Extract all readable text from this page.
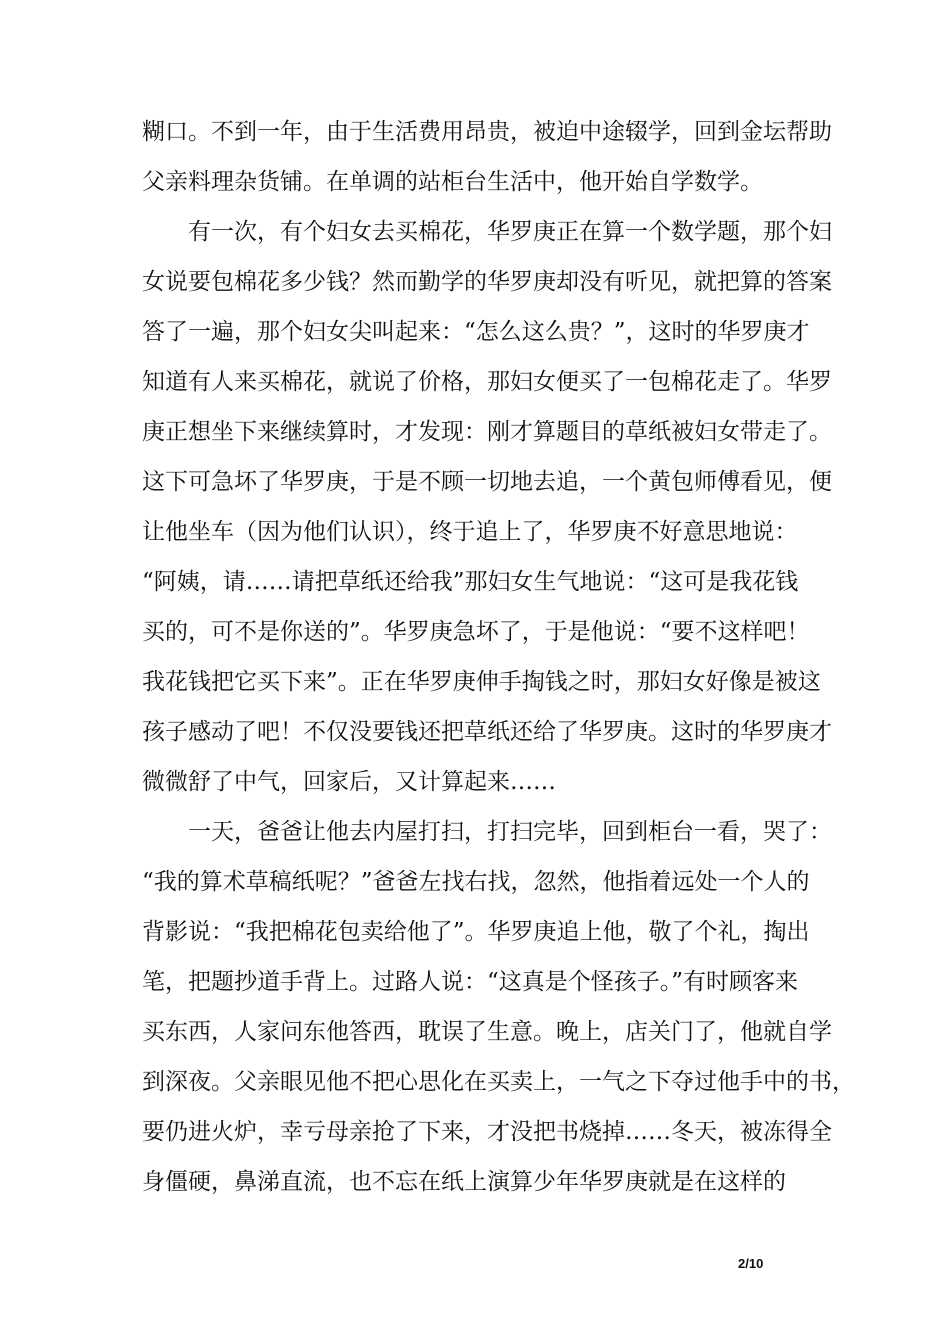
糊口。不到一年，由于生活费用昂贵，被迫中途辍学，回到金坛帮助
父亲料理杂货铺。在单调的站柜台生活中，他开始自学数学。
　　有一次，有个妇女去买棉花，华罗庚正在算一个数学题，那个妇
女说要包棉花多少钱？然而勤学的华罗庚却没有听见，就把算的答案
答了一遍，那个妇女尖叫起来：“怎么这么贵？”，这时的华罗庚才
知道有人来买棉花，就说了价格，那妇女便买了一包棉花走了。华罗
庚正想坐下来继续算时，才发现：刚才算题目的草纸被妇女带走了。
这下可急坏了华罗庚，于是不顾一切地去追，一个黄包师傅看见，便
让他坐车（因为他们认识），终于追上了，华罗庚不好意思地说：
“阿姨，请……请把草纸还给我”那妇女生气地说：“这可是我花钱
买的，可不是你送的”。华罗庚急坏了，于是他说：“要不这样吧！
我花钱把它买下来”。正在华罗庚伸手掏钱之时，那妇女好像是被这
孩子感动了吧！不仅没要钱还把草纸还给了华罗庚。这时的华罗庚才
微微舒了中气，回家后，又计算起来……
　　一天，爸爸让他去内屋打扫，打扫完毕，回到柜台一看，哭了：
“我的算术草稿纸呢？”爸爸左找右找，忽然，他指着远处一个人的
背影说：“我把棉花包卖给他了”。华罗庚追上他，敬了个礼，掏出
笔，把题抄道手背上。过路人说：“这真是个怪孩子。”有时顾客来
买东西，人家问东他答西，耽误了生意。晚上，店关门了，他就自学
到深夜。父亲眼见他不把心思化在买卖上，一气之下夺过他手中的书，
要仍进火炉，幸亏母亲抢了下来，才没把书烧掉……冬天，被冻得全
身僵硬，鼻涕直流，也不忘在纸上演算少年华罗庚就是在这样的
2/10
